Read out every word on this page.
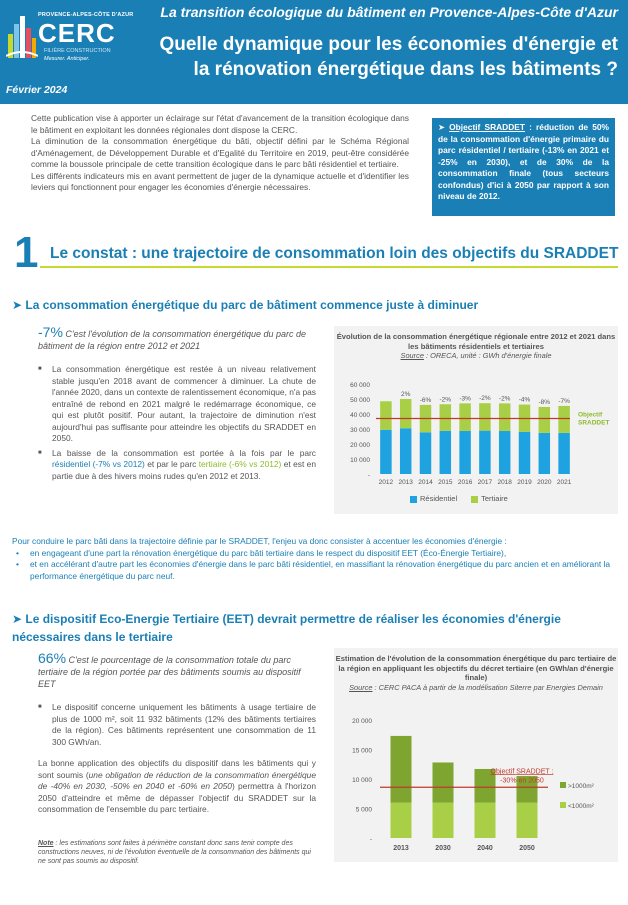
PROVENCE-ALPES-CÔTE D'AZUR
CERC
FILIÈRE CONSTRUCTION
Mesurer. Anticiper.
La transition écologique du bâtiment en Provence-Alpes-Côte d'Azur
Quelle dynamique pour les économies d'énergie et la rénovation énergétique dans les bâtiments ?
Février 2024

Cette publication vise à apporter un éclairage sur l'état d'avancement de la transition écologique dans le bâtiment en exploitant les données régionales dont dispose la CERC.

La diminution de la consommation énergétique du bâti, objectif défini par le Schéma Régional d'Aménagement, de Développement Durable et d'Egalité du Territoire en 2019, peut-être considérée comme la boussole principale de cette transition écologique dans le parc bâti résidentiel et tertiaire.

Les différents indicateurs mis en avant permettent de juger de la dynamique actuelle et d'identifier les leviers qui fonctionnent pour engager les économies d'énergie nécessaires.

➤ Objectif SRADDET : réduction de 50% de la consommation d'énergie primaire du parc résidentiel / tertiaire (-13% en 2021 et -25% en 2030), et de 30% de la consommation finale (tous secteurs confondus) d'ici à 2050 par rapport à son niveau de 2012.
1 Le constat : une trajectoire de consommation loin des objectifs du SRADDET
➤ La consommation énergétique du parc de bâtiment commence juste à diminuer
-7% C'est l'évolution de la consommation énergétique du parc de bâtiment de la région entre 2012 et 2021
■ La consommation énergétique est restée à un niveau relativement stable jusqu'en 2018 avant de commencer à diminuer. La chute de l'année 2020, dans un contexte de ralentissement économique, n'a pas entraîné de rebond en 2021 malgré le redémarrage économique, ce qui est plutôt positif. Pour autant, la trajectoire de diminution n'est aujourd'hui pas suffisante pour atteindre les objectifs du SRADDET en 2050.
■ La baisse de la consommation est portée à la fois par le parc résidentiel (-7% vs 2012) et par le parc tertiaire (-6% vs 2012) et est en partie due à des hivers moins rudes qu'en 2012 et 2013.
Évolution de la consommation énergétique régionale entre 2012 et 2021 dans les bâtiments résidentiels et tertiaires
Source : ORECA, unité : GWh d'énergie finale
-
10 000
20 000
30 000
40 000
50 000
60 000
2012 2013
2%
2014
-6%
2015
-2%
2016
-3%
2017
-2%
2018
-2%
2019
-4%
2020
-8%
2021
-7%
Objectif
SRADDET
Résidentiel	Tertiaire
Pour conduire le parc bâti dans la trajectoire définie par le SRADDET, l'enjeu va donc consister à accentuer les économies d'énergie :
• en engageant d'une part la rénovation énergétique du parc bâti tertiaire dans le respect du dispositif EET (Éco-Énergie Tertiaire),
• et en accélérant d'autre part les économies d'énergie dans le parc bâti résidentiel, en massifiant la rénovation énergétique du parc ancien et en améliorant la performance énergétique du parc neuf.
➤ Le dispositif Eco-Energie Tertiaire (EET) devrait permettre de réaliser les économies d'énergie nécessaires dans le tertiaire
66% C'est le pourcentage de la consommation totale du parc tertiaire de la région portée par des bâtiments soumis au dispositif EET
■ Le dispositif concerne uniquement les bâtiments à usage tertiaire de plus de 1000 m², soit 11 932 bâtiments (12% des bâtiments tertiaires de la région). Ces bâtiments représentent une consommation de 11 300 GWh/an.
La bonne application des objectifs du dispositif dans les bâtiments qui y sont soumis (une obligation de réduction de la consommation énergétique de -40% en 2030, -50% en 2040 et -60% en 2050) permettra à l'horizon 2050 d'atteindre et même de dépasser l'objectif du SRADDET sur la consommation de l'ensemble du parc tertiaire.
Note : les estimations sont faites à périmètre constant donc sans tenir compte des constructions neuves, ni de l'évolution éventuelle de la consommation des bâtiments qui ne sont pas soumis au dispositif.
Estimation de l'évolution de la consommation énergétique du parc tertiaire de la région en appliquant les objectifs du décret tertiaire (en GWh/an d'énergie finale)
Source : CERC PACA à partir de la modélisation Siterre par Energies Demain
-
5 000
10 000
15 000
20 000
2013	2030	2040	2050
Objectif SRADDET :
-30% en 2050
>1000m²
<1000m²
